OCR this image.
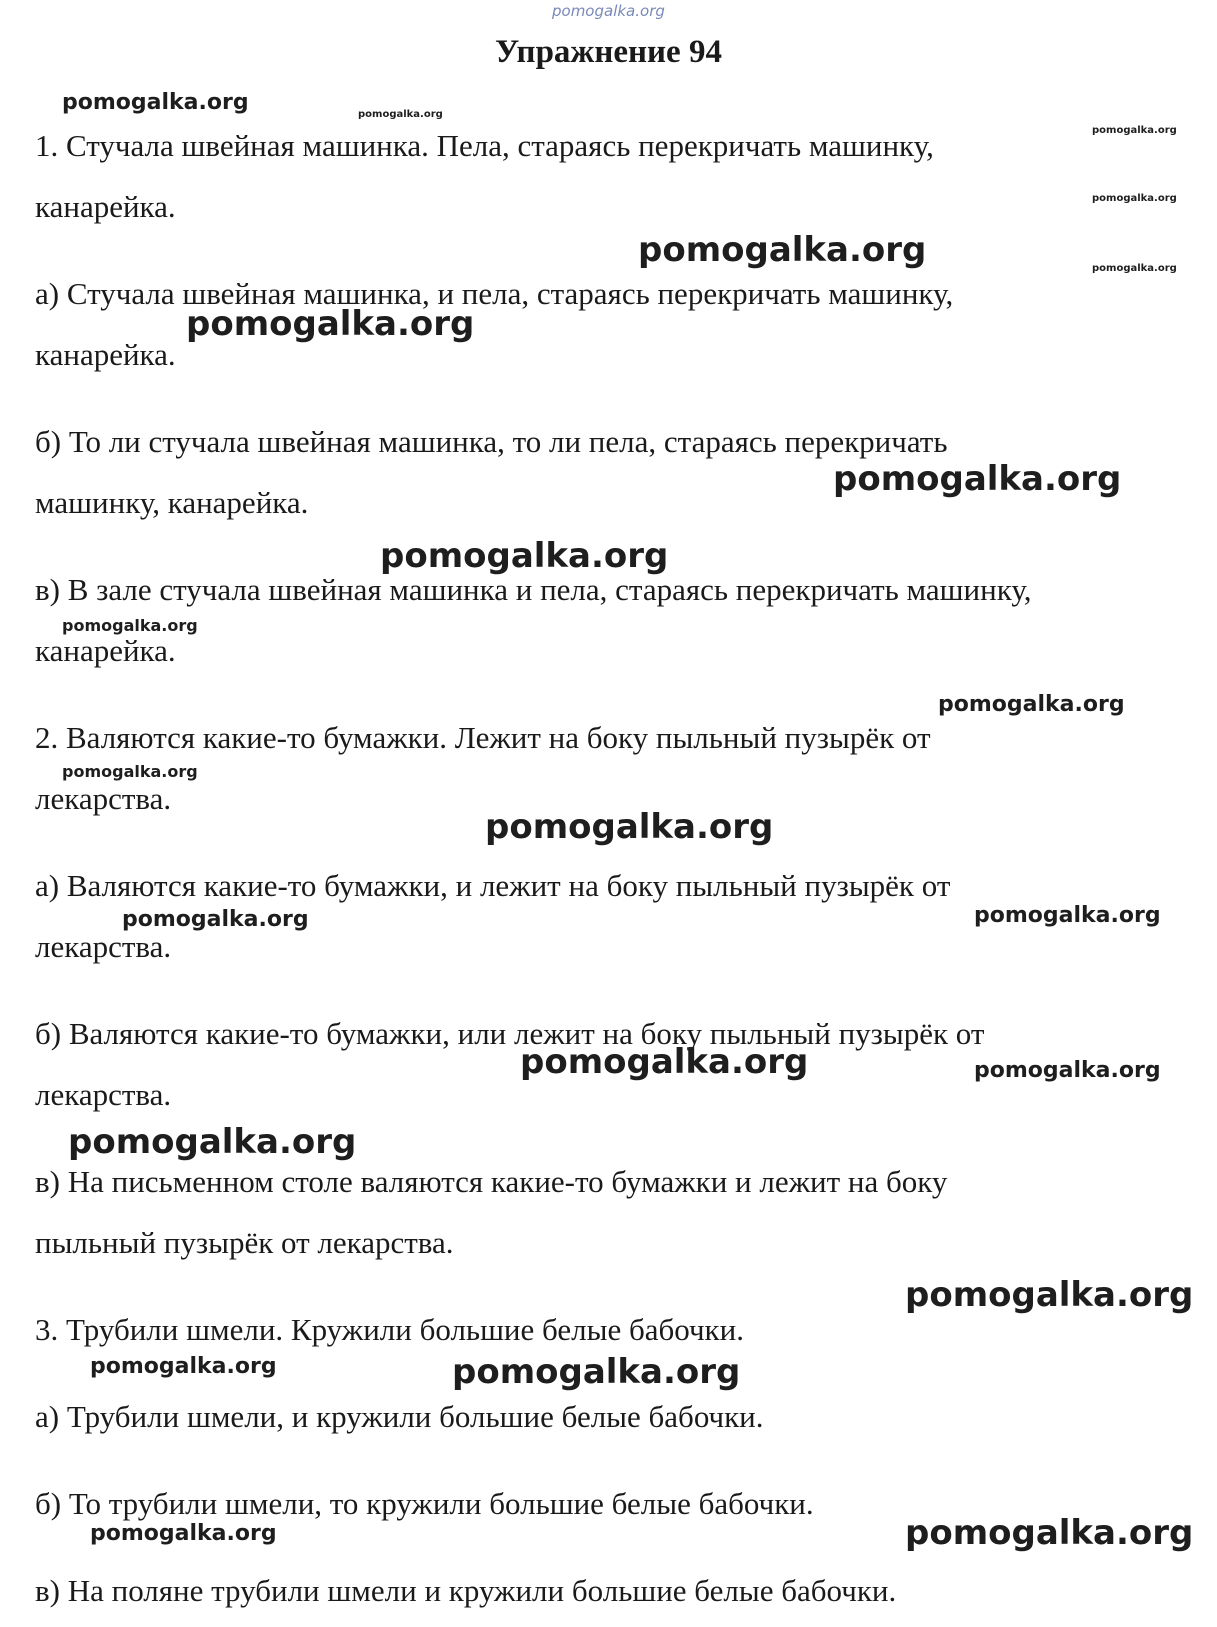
pomogalka.org
Упражнение 94
1. Стучала швейная машинка. Пела, стараясь перекричать машинку,
канарейка.
а) Стучала швейная машинка, и пела, стараясь перекричать машинку,
канарейка.
б) То ли стучала швейная машинка, то ли пела, стараясь перекричать
машинку, канарейка.
в) В зале стучала швейная машинка и пела, стараясь перекричать машинку,
канарейка.
2. Валяются какие-то бумажки. Лежит на боку пыльный пузырёк от
лекарства.
а) Валяются какие-то бумажки, и лежит на боку пыльный пузырёк от
лекарства.
б) Валяются какие-то бумажки, или лежит на боку пыльный пузырёк от
лекарства.
в) На письменном столе валяются какие-то бумажки и лежит на боку
пыльный пузырёк от лекарства.
3. Трубили шмели. Кружили большие белые бабочки.
а) Трубили шмели, и кружили большие белые бабочки.
б) То трубили шмели, то кружили большие белые бабочки.
в) На поляне трубили шмели и кружили большие белые бабочки.
pomogalka.org	pomogalka.org
pomogalka.org
pomogalka.org
pomogalka.org
pomogalka.org
pomogalka.org
pomogalka.org
pomogalka.org
pomogalka.org
pomogalka.org
pomogalka.org
pomogalka.org
pomogalka.org	pomogalka.org
pomogalka.org	pomogalka.org
pomogalka.org
pomogalka.org
pomogalka.org	pomogalka.org
pomogalka.org	pomogalka.org
